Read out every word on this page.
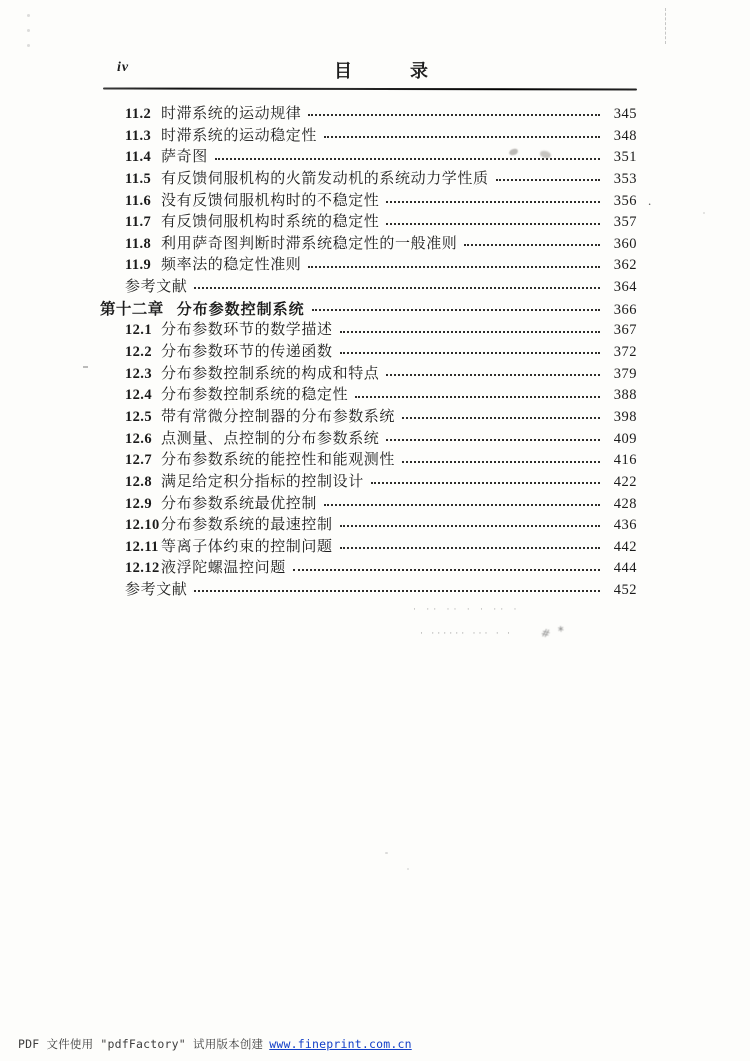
iv	目录
11.2 时滞系统的运动规律	345
11.3 时滞系统的运动稳定性	348
11.4 萨奇图	351
11.5 有反馈伺服机构的火箭发动机的系统动力学性质	353
11.6 没有反馈伺服机构时的不稳定性	356
11.7 有反馈伺服机构时系统的稳定性	357
11.8 利用萨奇图判断时滞系统稳定性的一般准则	360
11.9 频率法的稳定性准则	362
参考文献	364
第十二章 分布参数控制系统	366
12.1 分布参数环节的数学描述	367
12.2 分布参数环节的传递函数	372
12.3 分布参数控制系统的构成和特点	379
12.4 分布参数控制系统的稳定性	388
12.5 带有常微分控制器的分布参数系统	398
12.6 点测量、点控制的分布参数系统	409
12.7 分布参数系统的能控性和能观测性	416
12.8 满足给定积分指标的控制设计	422
12.9 分布参数系统最优控制	428
12.10 分布参数系统的最速控制	436
12.11 等离子体约束的控制问题	442
12.12 液浮陀螺温控问题	444
参考文献	452
.
· ·· ·· · · ·· ·
· ······ ··· · · # *
PDF 文件使用 "pdfFactory" 试用版本创建 www.fineprint.com.cn
